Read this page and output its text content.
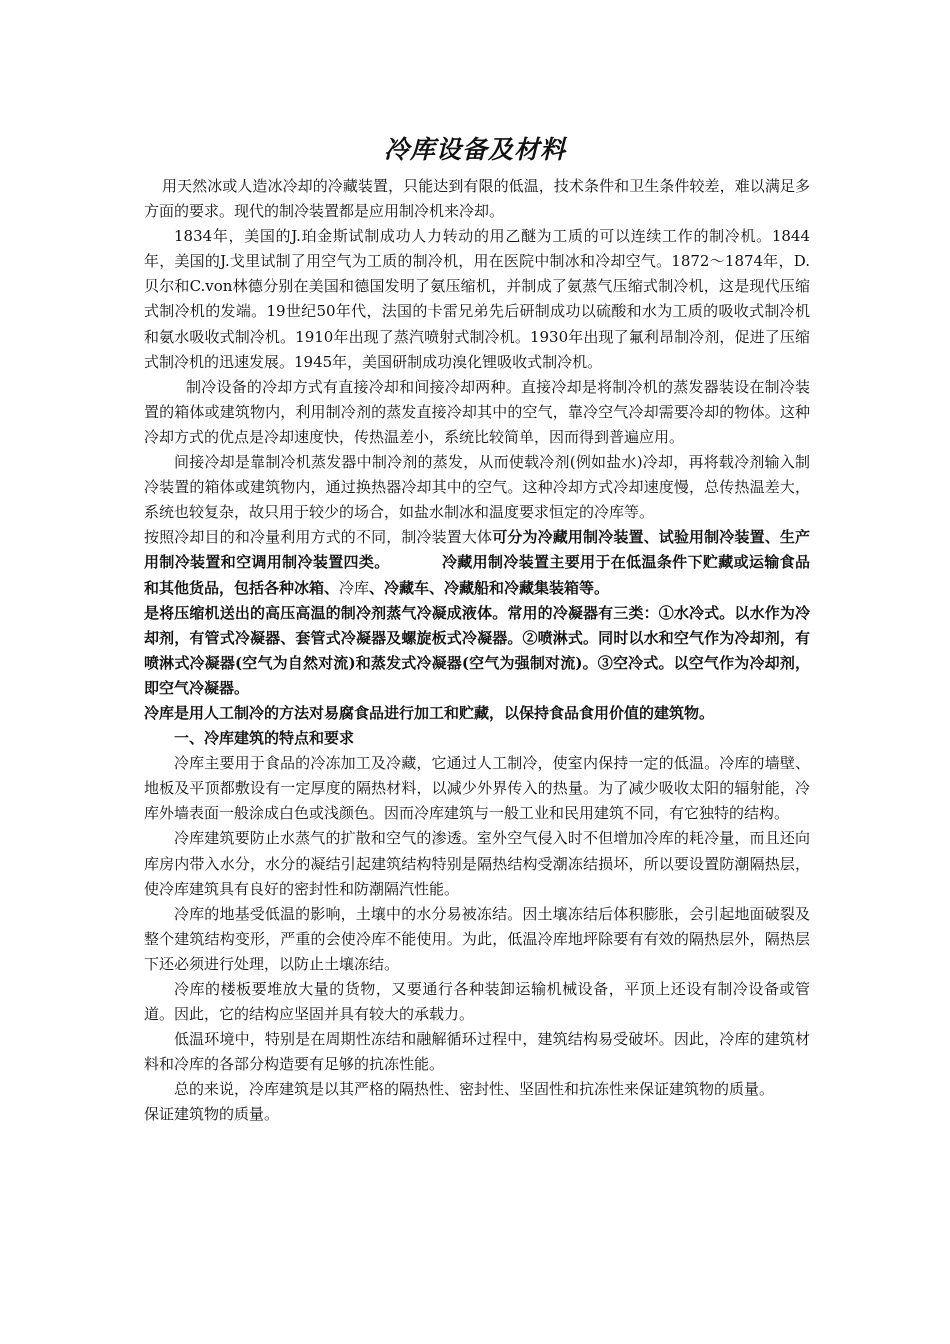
冷库设备及材料

用天然冰或人造冰冷却的冷藏装置，只能达到有限的低温，技术条件和卫生条件较差，难以满足多方面的要求。现代的制冷装置都是应用制冷机来冷却。

1834年，美国的J.珀金斯试制成功人力转动的用乙醚为工质的可以连续工作的制冷机。1844年，美国的J.戈里试制了用空气为工质的制冷机，用在医院中制冰和冷却空气。1872～1874年，D.贝尔和C.von林德分别在美国和德国发明了氨压缩机，并制成了氨蒸气压缩式制冷机，这是现代压缩式制冷机的发端。19世纪50年代，法国的卡雷兄弟先后研制成功以硫酸和水为工质的吸收式制冷机和氨水吸收式制冷机。1910年出现了蒸汽喷射式制冷机。1930年出现了氟利昂制冷剂，促进了压缩式制冷机的迅速发展。1945年，美国研制成功溴化锂吸收式制冷机。

制冷设备的冷却方式有直接冷却和间接冷却两种。直接冷却是将制冷机的蒸发器装设在制冷装置的箱体或建筑物内，利用制冷剂的蒸发直接冷却其中的空气，靠冷空气冷却需要冷却的物体。这种冷却方式的优点是冷却速度快，传热温差小，系统比较简单，因而得到普遍应用。

间接冷却是靠制冷机蒸发器中制冷剂的蒸发，从而使载冷剂(例如盐水)冷却，再将载冷剂输入制冷装置的箱体或建筑物内，通过换热器冷却其中的空气。这种冷却方式冷却速度慢，总传热温差大，系统也较复杂，故只用于较少的场合，如盐水制冰和温度要求恒定的冷库等。

按照冷却目的和冷量利用方式的不同，制冷装置大体可分为冷藏用制冷装置、试验用制冷装置、生产用制冷装置和空调用制冷装置四类。	冷藏用制冷装置主要用于在低温条件下贮藏或运输食品和其他货品，包括各种冰箱、冷库、冷藏车、冷藏船和冷藏集装箱等。

是将压缩机送出的高压高温的制冷剂蒸气冷凝成液体。常用的冷凝器有三类：①水冷式。以水作为冷却剂，有管式冷凝器、套管式冷凝器及螺旋板式冷凝器。②喷淋式。同时以水和空气作为冷却剂，有喷淋式冷凝器(空气为自然对流)和蒸发式冷凝器(空气为强制对流)。③空冷式。以空气作为冷却剂，即空气冷凝器。

冷库是用人工制冷的方法对易腐食品进行加工和贮藏，以保持食品食用价值的建筑物。

一、冷库建筑的特点和要求

冷库主要用于食品的冷冻加工及冷藏，它通过人工制冷，使室内保持一定的低温。冷库的墙壁、地板及平顶都敷设有一定厚度的隔热材料，以减少外界传入的热量。为了减少吸收太阳的辐射能，冷库外墙表面一般涂成白色或浅颜色。因而冷库建筑与一般工业和民用建筑不同，有它独特的结构。

冷库建筑要防止水蒸气的扩散和空气的渗透。室外空气侵入时不但增加冷库的耗冷量，而且还向库房内带入水分，水分的凝结引起建筑结构特别是隔热结构受潮冻结损坏，所以要设置防潮隔热层，使冷库建筑具有良好的密封性和防潮隔汽性能。

冷库的地基受低温的影响，土壤中的水分易被冻结。因土壤冻结后体积膨胀，会引起地面破裂及整个建筑结构变形，严重的会使冷库不能使用。为此，低温冷库地坪除要有有效的隔热层外，隔热层下还必须进行处理，以防止土壤冻结。

冷库的楼板要堆放大量的货物，又要通行各种装卸运输机械设备，平顶上还设有制冷设备或管道。因此，它的结构应坚固并具有较大的承载力。

低温环境中，特别是在周期性冻结和融解循环过程中，建筑结构易受破坏。因此，冷库的建筑材料和冷库的各部分构造要有足够的抗冻性能。

总的来说，冷库建筑是以其严格的隔热性、密封性、坚固性和抗冻性来保证建筑物的质量。

保证建筑物的质量。
